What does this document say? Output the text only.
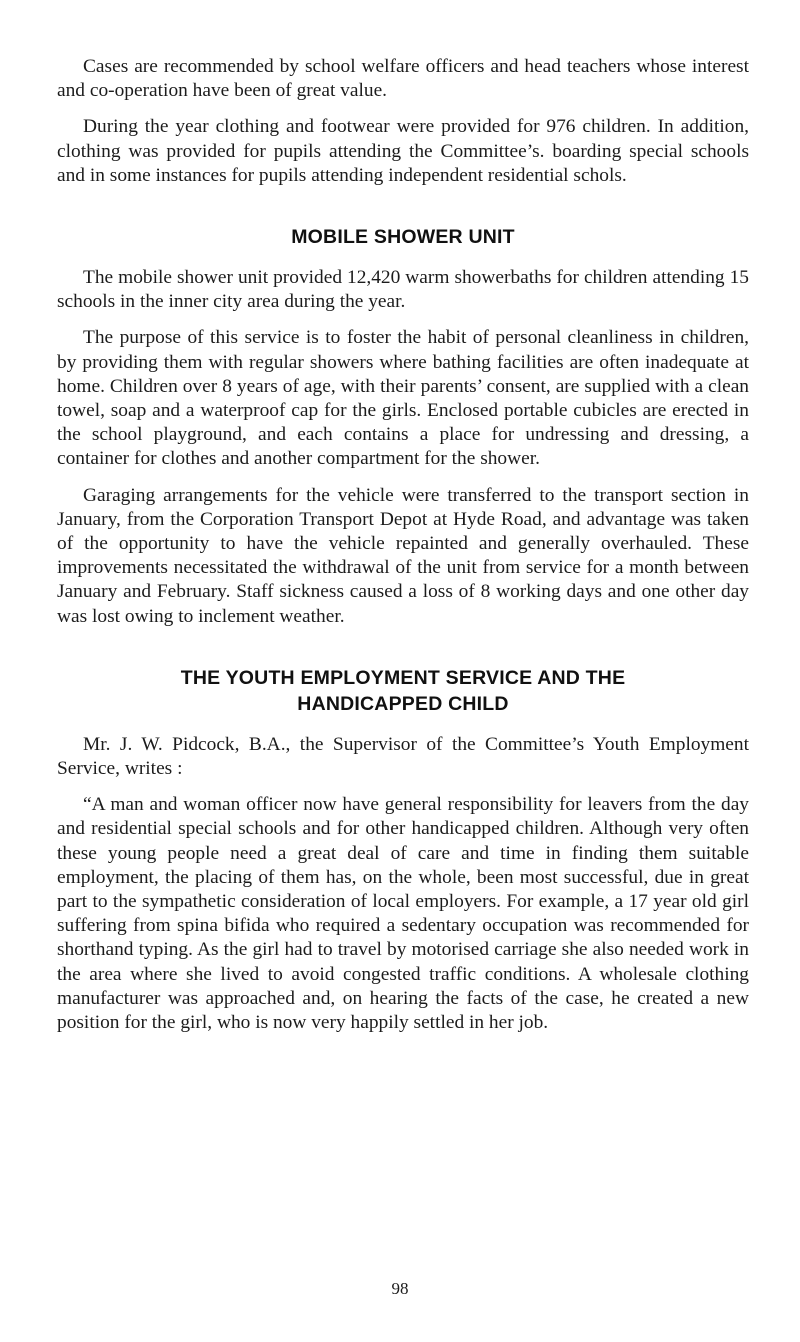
Cases are recommended by school welfare officers and head teachers whose interest and co-operation have been of great value.

During the year clothing and footwear were provided for 976 children. In addition, clothing was provided for pupils attending the Committee’s. boarding special schools and in some instances for pupils attending independent residential schols.

MOBILE SHOWER UNIT

The mobile shower unit provided 12,420 warm showerbaths for children attending 15 schools in the inner city area during the year.

The purpose of this service is to foster the habit of personal cleanliness in children, by providing them with regular showers where bathing facilities are often inadequate at home. Children over 8 years of age, with their parents’ consent, are supplied with a clean towel, soap and a waterproof cap for the girls. Enclosed portable cubicles are erected in the school playground, and each contains a place for undressing and dressing, a container for clothes and another compartment for the shower.

Garaging arrangements for the vehicle were transferred to the transport section in January, from the Corporation Transport Depot at Hyde Road, and advantage was taken of the opportunity to have the vehicle repainted and generally overhauled. These improvements necessitated the withdrawal of the unit from service for a month between January and February. Staff sickness caused a loss of 8 working days and one other day was lost owing to inclement weather.

THE YOUTH EMPLOYMENT SERVICE AND THE
HANDICAPPED CHILD

Mr. J. W. Pidcock, B.A., the Supervisor of the Committee’s Youth Employment Service, writes :

“A man and woman officer now have general responsibility for leavers from the day and residential special schools and for other handicapped children. Although very often these young people need a great deal of care and time in finding them suitable employment, the placing of them has, on the whole, been most successful, due in great part to the sympathetic consideration of local employers. For example, a 17 year old girl suffering from spina bifida who required a sedentary occupation was recommended for shorthand typing. As the girl had to travel by motorised carriage she also needed work in the area where she lived to avoid congested traffic conditions. A wholesale clothing manufacturer was approached and, on hearing the facts of the case, he created a new position for the girl, who is now very happily settled in her job.

98
